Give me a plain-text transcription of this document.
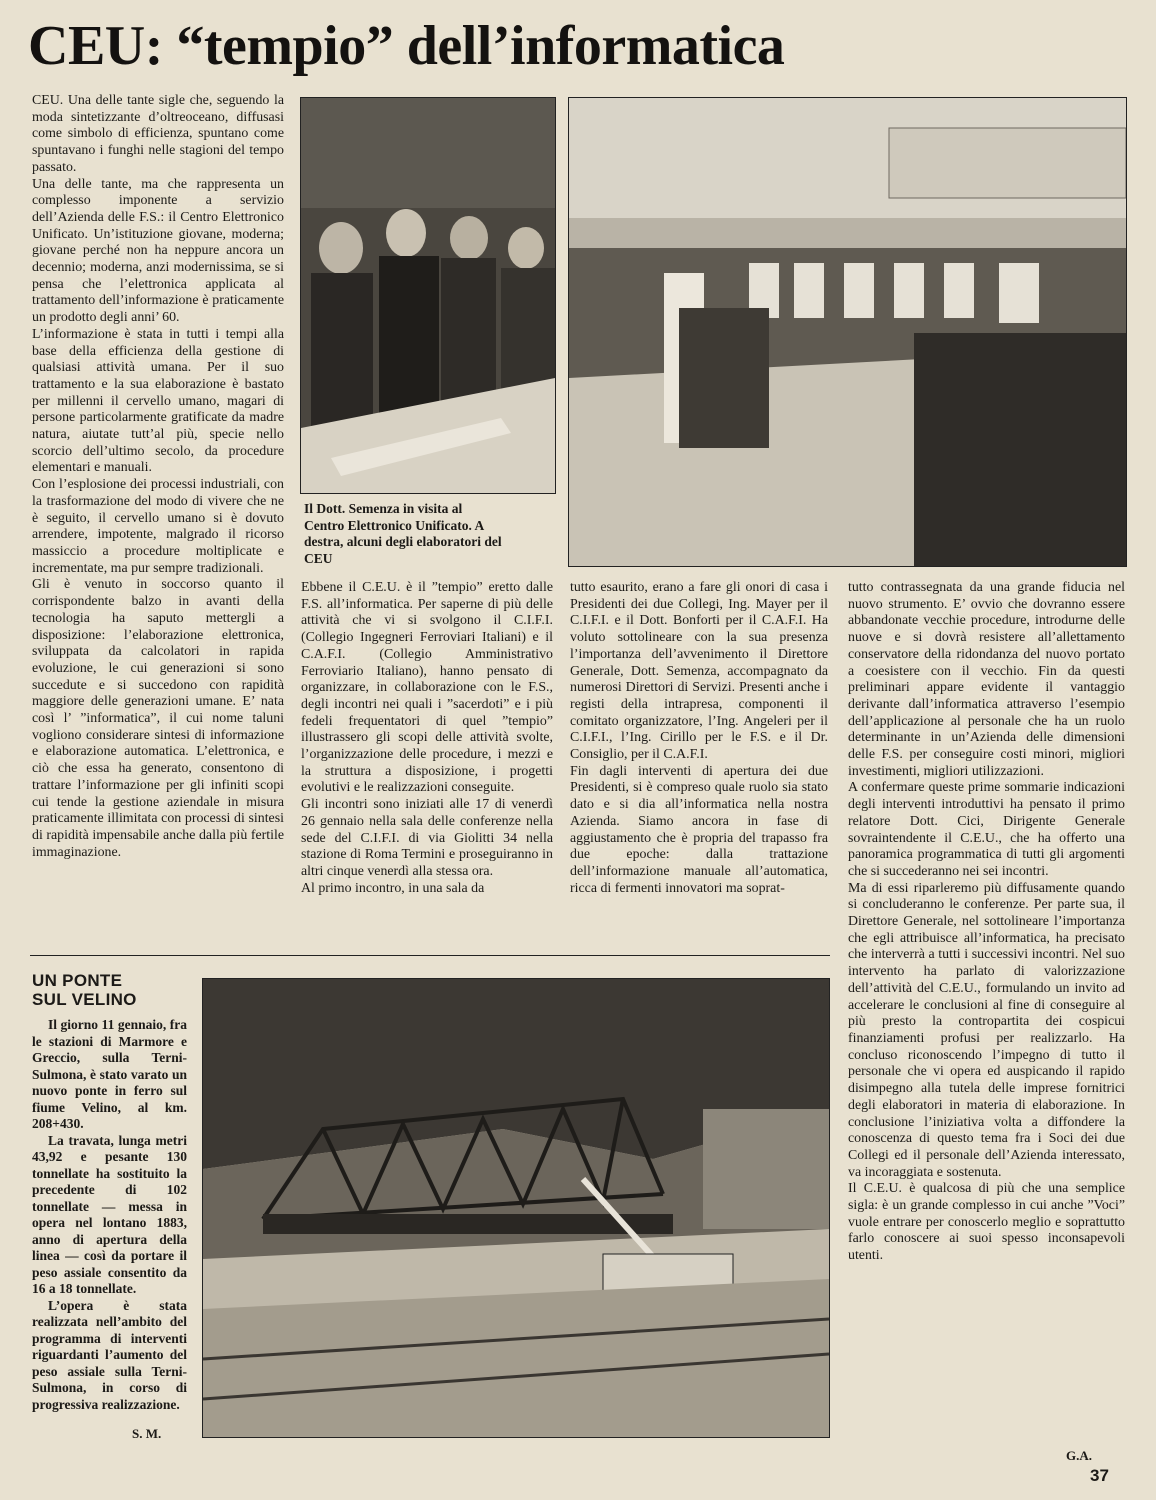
CEU: “tempio” dell’informatica

CEU. Una delle tante sigle che, seguendo la moda sintetizzante d’oltreoceano, diffusasi come simbolo di efficienza, spuntano come spuntavano i funghi nelle stagioni del tempo passato.

Una delle tante, ma che rappresenta un complesso imponente a servizio dell’Azienda delle F.S.: il Centro Elettronico Unificato. Un’istituzione giovane, moderna; giovane perché non ha neppure ancora un decennio; moderna, anzi modernissima, se si pensa che l’elettronica applicata al trattamento dell’informazione è praticamente un prodotto degli anni’ 60.

L’informazione è stata in tutti i tempi alla base della efficienza della gestione di qualsiasi attività umana. Per il suo trattamento e la sua elaborazione è bastato per millenni il cervello umano, magari di persone particolarmente gratificate da madre natura, aiutate tutt’al più, specie nello scorcio dell’ultimo secolo, da procedure elementari e manuali.

Con l’esplosione dei processi industriali, con la trasformazione del modo di vivere che ne è seguito, il cervello umano si è dovuto arrendere, impotente, malgrado il ricorso massiccio a procedure moltiplicate e incrementate, ma pur sempre tradizionali.

Gli è venuto in soccorso quanto il corrispondente balzo in avanti della tecnologia ha saputo mettergli a disposizione: l’elaborazione elettronica, sviluppata da calcolatori in rapida evoluzione, le cui generazioni si sono succedute e si succedono con rapidità maggiore delle generazioni umane. E’ nata così l’ ”informatica”, il cui nome taluni vogliono considerare sintesi di informazione e elaborazione automatica. L’elettronica, e ciò che essa ha generato, consentono di trattare l’informazione per gli infiniti scopi cui tende la gestione aziendale in misura praticamente illimitata con processi di sintesi di rapidità impensabile anche dalla più fertile immaginazione.

Il Dott. Semenza in visita al Centro Elettronico Unificato. A destra, alcuni degli elaboratori del CEU

Ebbene il C.E.U. è il ”tempio” eretto dalle F.S. all’informatica. Per saperne di più delle attività che vi si svolgono il C.I.F.I. (Collegio Ingegneri Ferroviari Italiani) e il C.A.F.I. (Collegio Amministrativo Ferroviario Italiano), hanno pensato di organizzare, in collaborazione con le F.S., degli incontri nei quali i ”sacerdoti” e i più fedeli frequentatori di quel ”tempio” illustrassero gli scopi delle attività svolte, l’organizzazione delle procedure, i mezzi e la struttura a disposizione, i progetti evolutivi e le realizzazioni conseguite.

Gli incontri sono iniziati alle 17 di venerdì 26 gennaio nella sala delle conferenze nella sede del C.I.F.I. di via Giolitti 34 nella stazione di Roma Termini e proseguiranno in altri cinque venerdì alla stessa ora.

Al primo incontro, in una sala da

tutto esaurito, erano a fare gli onori di casa i Presidenti dei due Collegi, Ing. Mayer per il C.I.F.I. e il Dott. Bonforti per il C.A.F.I. Ha voluto sottolineare con la sua presenza l’importanza dell’avvenimento il Direttore Generale, Dott. Semenza, accompagnato da numerosi Direttori di Servizi. Presenti anche i registi della intrapresa, componenti il comitato organizzatore, l’Ing. Angeleri per il C.I.F.I., l’Ing. Cirillo per le F.S. e il Dr. Consiglio, per il C.A.F.I.

Fin dagli interventi di apertura dei due Presidenti, si è compreso quale ruolo sia stato dato e si dia all’informatica nella nostra Azienda. Siamo ancora in fase di aggiustamento che è propria del trapasso fra due epoche: dalla trattazione dell’informazione manuale all’automatica, ricca di fermenti innovatori ma soprat-

tutto contrassegnata da una grande fiducia nel nuovo strumento. E’ ovvio che dovranno essere abbandonate vecchie procedure, introdurne delle nuove e si dovrà resistere all’allettamento conservatore della ridondanza del nuovo portato a coesistere con il vecchio. Fin da questi preliminari appare evidente il vantaggio derivante dall’informatica attraverso l’esempio dell’applicazione al personale che ha un ruolo determinante in un’Azienda delle dimensioni delle F.S. per conseguire costi minori, migliori investimenti, migliori utilizzazioni.

A confermare queste prime sommarie indicazioni degli interventi introduttivi ha pensato il primo relatore Dott. Cici, Dirigente Generale sovraintendente il C.E.U., che ha offerto una panoramica programmatica di tutti gli argomenti che si succederanno nei sei incontri.

Ma di essi riparleremo più diffusamente quando si concluderanno le conferenze. Per parte sua, il Direttore Generale, nel sottolineare l’importanza che egli attribuisce all’informatica, ha precisato che interverrà a tutti i successivi incontri. Nel suo intervento ha parlato di valorizzazione dell’attività del C.E.U., formulando un invito ad accelerare le conclusioni al fine di conseguire al più presto la contropartita dei cospicui finanziamenti profusi per realizzarlo. Ha concluso riconoscendo l’impegno di tutto il personale che vi opera ed auspicando il rapido disimpegno alla tutela delle imprese fornitrici degli elaboratori in materia di elaborazione. In conclusione l’iniziativa volta a diffondere la conoscenza di questo tema fra i Soci dei due Collegi ed il personale dell’Azienda interessato, va incoraggiata e sostenuta.

Il C.E.U. è qualcosa di più che una semplice sigla: è un grande complesso in cui anche ”Voci” vuole entrare per conoscerlo meglio e soprattutto farlo conoscere ai suoi spesso inconsapevoli utenti.

G.A.
UN PONTE
SUL VELINO

Il giorno 11 gennaio, fra le stazioni di Marmore e Greccio, sulla Terni-Sulmona, è stato varato un nuovo ponte in ferro sul fiume Velino, al km. 208+430.

La travata, lunga metri 43,92 e pesante 130 tonnellate ha sostituito la precedente di 102 tonnellate — messa in opera nel lontano 1883, anno di apertura della linea — così da portare il peso assiale consentito da 16 a 18 tonnellate.

L’opera è stata realizzata nell’ambito del programma di interventi riguardanti l’aumento del peso assiale sulla Terni-Sulmona, in corso di progressiva realizzazione.

S. M.
37
